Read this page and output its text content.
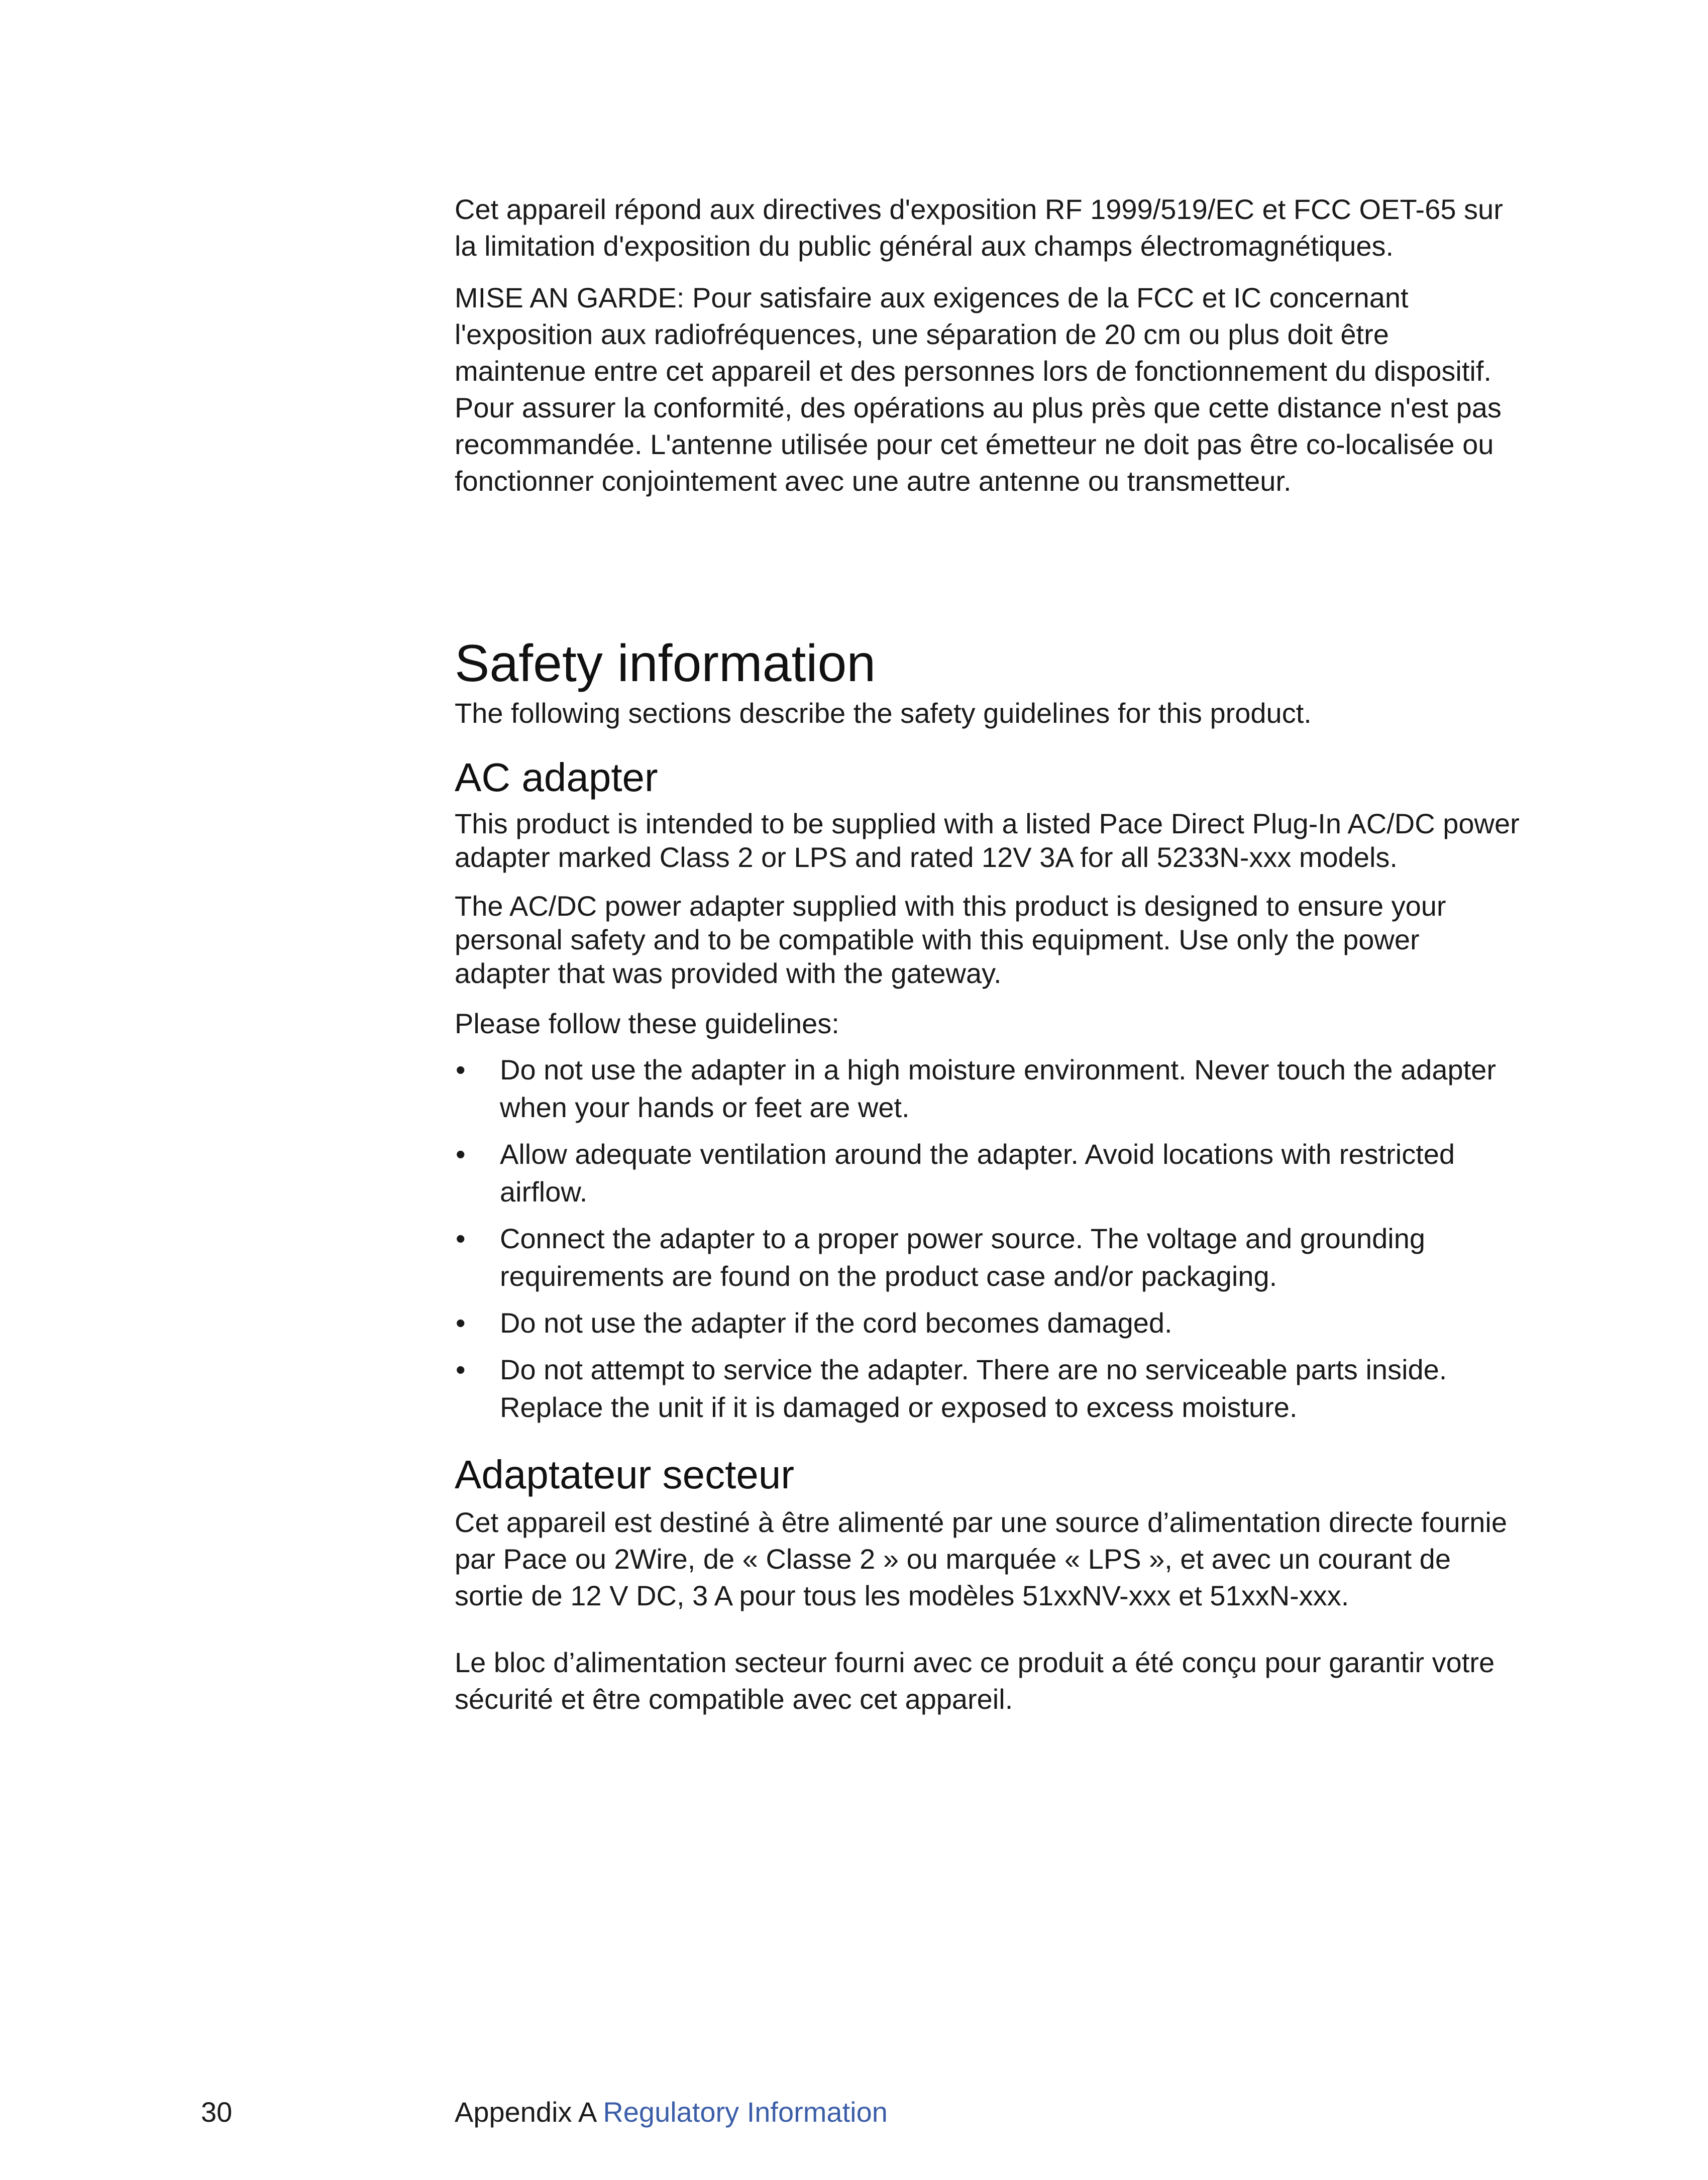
Cet appareil répond aux directives d'exposition RF 1999/519/EC et FCC OET-65 sur la limitation d'exposition du public général aux champs électromagnétiques.

MISE AN GARDE: Pour satisfaire aux exigences de la FCC et IC concernant l'exposition aux radiofréquences, une séparation de 20 cm ou plus doit être maintenue entre cet appareil et des personnes lors de fonctionnement du dispositif. Pour assurer la conformité, des opérations au plus près que cette distance n'est pas recommandée. L'antenne utilisée pour cet émetteur ne doit pas être co-localisée ou fonctionner conjointement avec une autre antenne ou transmetteur.

Safety information

The following sections describe the safety guidelines for this product.

AC adapter

This product is intended to be supplied with a listed Pace Direct Plug-In AC/DC power adapter marked Class 2 or LPS and rated 12V 3A for all 5233N-xxx models.

The AC/DC power adapter supplied with this product is designed to ensure your personal safety and to be compatible with this equipment. Use only the power adapter that was provided with the gateway.

Please follow these guidelines:

• Do not use the adapter in a high moisture environment. Never touch the adapter when your hands or feet are wet.
• Allow adequate ventilation around the adapter. Avoid locations with restricted airflow.
• Connect the adapter to a proper power source. The voltage and grounding requirements are found on the product case and/or packaging.
• Do not use the adapter if the cord becomes damaged.
• Do not attempt to service the adapter. There are no serviceable parts inside. Replace the unit if it is damaged or exposed to excess moisture.
Adaptateur secteur

Cet appareil est destiné à être alimenté par une source d’alimentation directe fournie par Pace ou 2Wire, de « Classe 2 » ou marquée « LPS », et avec un courant de sortie de 12 V DC, 3 A pour tous les modèles 51xxNV-xxx et 51xxN-xxx.

Le bloc d’alimentation secteur fourni avec ce produit a été conçu pour garantir votre sécurité et être compatible avec cet appareil.

30	Appendix A Regulatory Information
